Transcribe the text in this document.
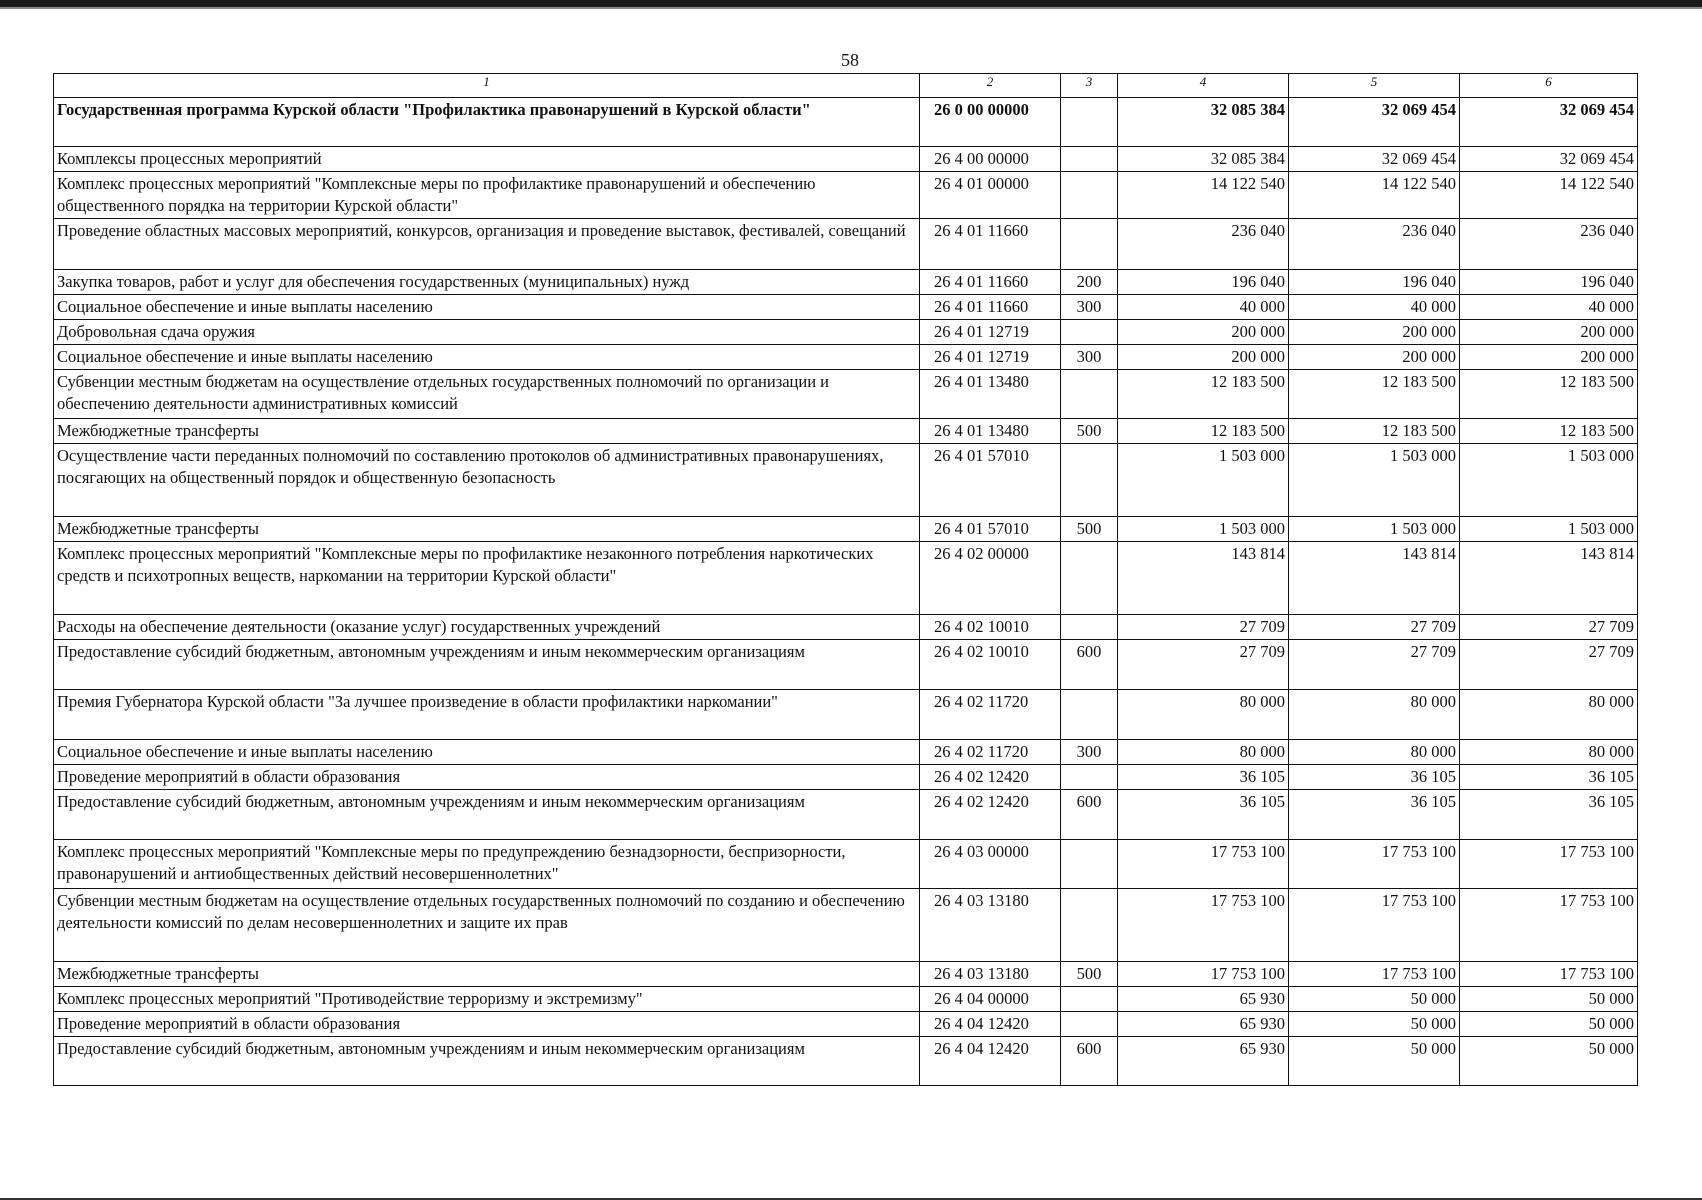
58
1	2	3	4	5	6
Государственная программа Курской области "Профилактика правонарушений в Курской области"	26 0 00 00000		32 085 384	32 069 454	32 069 454
Комплексы процессных мероприятий	26 4 00 00000		32 085 384	32 069 454	32 069 454
Комплекс процессных мероприятий "Комплексные меры по профилактике правонарушений и обеспечению общественного порядка на территории Курской области"	26 4 01 00000		14 122 540	14 122 540	14 122 540
Проведение областных массовых мероприятий, конкурсов, организация и проведение выставок, фестивалей, совещаний	26 4 01 11660		236 040	236 040	236 040
Закупка товаров, работ и услуг для обеспечения государственных (муниципальных) нужд	26 4 01 11660	200	196 040	196 040	196 040
Социальное обеспечение и иные выплаты населению	26 4 01 11660	300	40 000	40 000	40 000
Добровольная сдача оружия	26 4 01 12719		200 000	200 000	200 000
Социальное обеспечение и иные выплаты населению	26 4 01 12719	300	200 000	200 000	200 000
Субвенции местным бюджетам на осуществление отдельных государственных полномочий по организации и обеспечению деятельности административных комиссий	26 4 01 13480		12 183 500	12 183 500	12 183 500
Межбюджетные трансферты	26 4 01 13480	500	12 183 500	12 183 500	12 183 500
Осуществление части переданных полномочий по составлению протоколов об административных правонарушениях, посягающих на общественный порядок и общественную безопасность	26 4 01 57010		1 503 000	1 503 000	1 503 000
Межбюджетные трансферты	26 4 01 57010	500	1 503 000	1 503 000	1 503 000
Комплекс процессных мероприятий "Комплексные меры по профилактике незаконного потребления наркотических средств и психотропных веществ, наркомании на территории Курской области"	26 4 02 00000		143 814	143 814	143 814
Расходы на обеспечение деятельности (оказание услуг) государственных учреждений	26 4 02 10010		27 709	27 709	27 709
Предоставление субсидий бюджетным, автономным учреждениям и иным некоммерческим организациям	26 4 02 10010	600	27 709	27 709	27 709
Премия Губернатора Курской области "За лучшее произведение в области профилактики наркомании"	26 4 02 11720		80 000	80 000	80 000
Социальное обеспечение и иные выплаты населению	26 4 02 11720	300	80 000	80 000	80 000
Проведение мероприятий в области образования	26 4 02 12420		36 105	36 105	36 105
Предоставление субсидий бюджетным, автономным учреждениям и иным некоммерческим организациям	26 4 02 12420	600	36 105	36 105	36 105
Комплекс процессных мероприятий "Комплексные меры по предупреждению безнадзорности, беспризорности, правонарушений и антиобщественных действий несовершеннолетних"	26 4 03 00000		17 753 100	17 753 100	17 753 100
Субвенции местным бюджетам на осуществление отдельных государственных полномочий по созданию и обеспечению деятельности комиссий по делам несовершеннолетних и защите их прав	26 4 03 13180		17 753 100	17 753 100	17 753 100
Межбюджетные трансферты	26 4 03 13180	500	17 753 100	17 753 100	17 753 100
Комплекс процессных мероприятий "Противодействие терроризму и экстремизму"	26 4 04 00000		65 930	50 000	50 000
Проведение мероприятий в области образования	26 4 04 12420		65 930	50 000	50 000
Предоставление субсидий бюджетным, автономным учреждениям и иным некоммерческим организациям	26 4 04 12420	600	65 930	50 000	50 000
